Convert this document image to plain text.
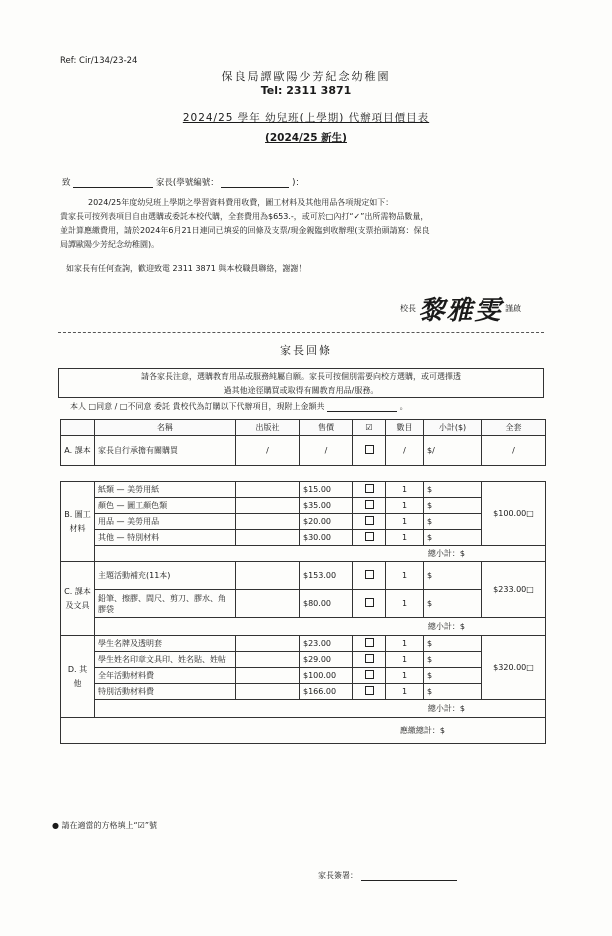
Ref: Cir/134/23-24
保良局譚歐陽少芳紀念幼稚園
Tel: 2311 3871
2024/25 學年 幼兒班(上學期) 代辦項目價目表
(2024/25 新生)
致	家長(學號編號：	)：
2024/25年度幼兒班上學期之學習資料費用收費，圖工材料及其他用品各項規定如下：
貴家長可按列表項目自由選購或委託本校代購，全套費用為$653.-，或可於□內打“✓”出所需物品數量，
並計算應繳費用，請於2024年6月21日連同已填妥的回條及支票/現金親臨到收辦理(支票抬頭請寫：保良
局譚歐陽少芳紀念幼稚園)。
如家長有任何查詢，歡迎致電 2311 3871 與本校職員聯絡，謝謝！
校長 黎雅雯 謹啟
家長回條
請各家長注意，選購教育用品或服務純屬自願。家長可按個別需要向校方選購，或可選擇透
過其他途徑購買或取得有關教育用品/服務。
本人 □同意 / □不同意 委託 貴校代為訂購以下代辦項目，現附上金額共	。
	名稱	出版社	售價	☑	數目	小計($)	全套
A. 課本	家長自行承擔有關購買	/	/		/	$/	/

B. 圖工材料	紙類 — 美勞用紙		$15.00		1	$	$100.00□
	顏色 — 圖工顏色類		$35.00		1	$	
	用品 — 美勞用品		$20.00		1	$	
	其他 — 特別材料		$30.00		1	$	
	總小計：$						
C. 課本及文具	主題活動補充(11本)		$153.00		1	$	$233.00□
	鉛筆、擦膠、間尺、剪刀、膠水、角膠袋		$80.00		1	$	
	總小計：$						
D. 其他	學生名牌及透明套		$23.00		1	$	$320.00□
	學生姓名印章文具印、姓名貼、姓帖		$29.00		1	$	
	全年活動材料費		$100.00		1	$	
	特別活動材料費		$166.00		1	$	
	總小計：$						
應繳總計：$							
● 請在適當的方格填上“☑”號
家長簽署：
